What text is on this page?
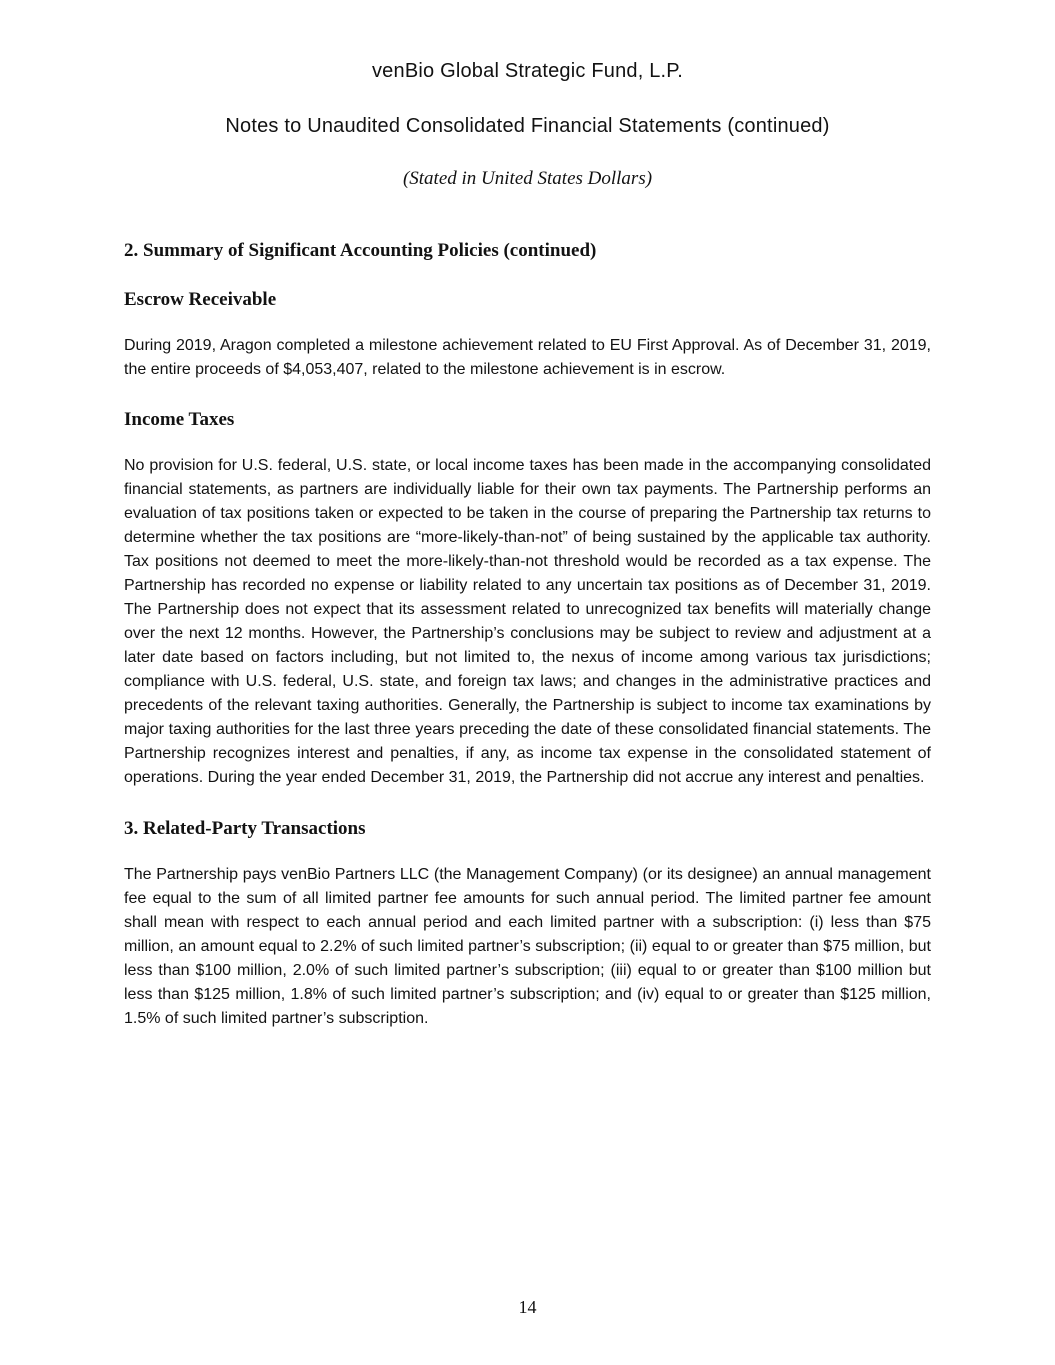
venBio Global Strategic Fund, L.P.

Notes to Unaudited Consolidated Financial Statements (continued)

(Stated in United States Dollars)

2. Summary of Significant Accounting Policies (continued)

Escrow Receivable

During 2019, Aragon completed a milestone achievement related to EU First Approval. As of December 31, 2019, the entire proceeds of $4,053,407, related to the milestone achievement is in escrow.

Income Taxes

No provision for U.S. federal, U.S. state, or local income taxes has been made in the accompanying consolidated financial statements, as partners are individually liable for their own tax payments. The Partnership performs an evaluation of tax positions taken or expected to be taken in the course of preparing the Partnership tax returns to determine whether the tax positions are “more-likely-than-not” of being sustained by the applicable tax authority. Tax positions not deemed to meet the more-likely-than-not threshold would be recorded as a tax expense. The Partnership has recorded no expense or liability related to any uncertain tax positions as of December 31, 2019. The Partnership does not expect that its assessment related to unrecognized tax benefits will materially change over the next 12 months. However, the Partnership’s conclusions may be subject to review and adjustment at a later date based on factors including, but not limited to, the nexus of income among various tax jurisdictions; compliance with U.S. federal, U.S. state, and foreign tax laws; and changes in the administrative practices and precedents of the relevant taxing authorities. Generally, the Partnership is subject to income tax examinations by major taxing authorities for the last three years preceding the date of these consolidated financial statements. The Partnership recognizes interest and penalties, if any, as income tax expense in the consolidated statement of operations. During the year ended December 31, 2019, the Partnership did not accrue any interest and penalties.

3. Related-Party Transactions

The Partnership pays venBio Partners LLC (the Management Company) (or its designee) an annual management fee equal to the sum of all limited partner fee amounts for such annual period. The limited partner fee amount shall mean with respect to each annual period and each limited partner with a subscription: (i) less than $75 million, an amount equal to 2.2% of such limited partner’s subscription; (ii) equal to or greater than $75 million, but less than $100 million, 2.0% of such limited partner’s subscription; (iii) equal to or greater than $100 million but less than $125 million, 1.8% of such limited partner’s subscription; and (iv) equal to or greater than $125 million, 1.5% of such limited partner’s subscription.

14
